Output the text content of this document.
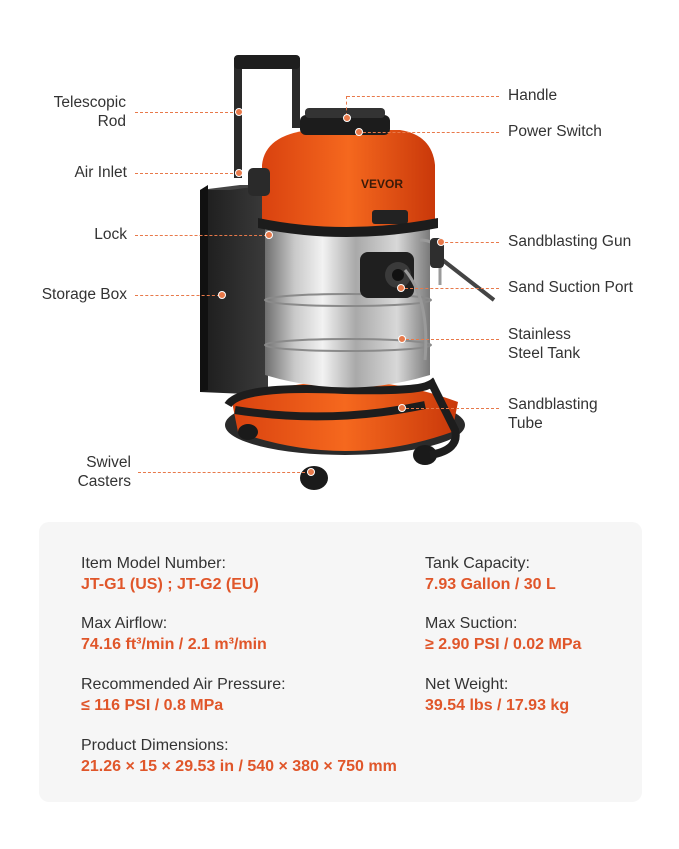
VEVOR
Telescopic
Rod
Air Inlet
Lock
Storage Box
Swivel
Casters
Handle
Power Switch
Sandblasting Gun
Sand Suction Port
Stainless
Steel Tank
Sandblasting
Tube
Item Model Number:
JT-G1 (US) ; JT-G2 (EU)
Tank Capacity:
7.93 Gallon / 30 L
Max Airflow:
74.16 ft³/min / 2.1 m³/min
Max Suction:
≥ 2.90 PSI / 0.02 MPa
Recommended Air Pressure:
≤ 116 PSI / 0.8 MPa
Net Weight:
39.54 lbs / 17.93 kg
Product Dimensions:
21.26 × 15 × 29.53 in / 540 × 380 × 750 mm
